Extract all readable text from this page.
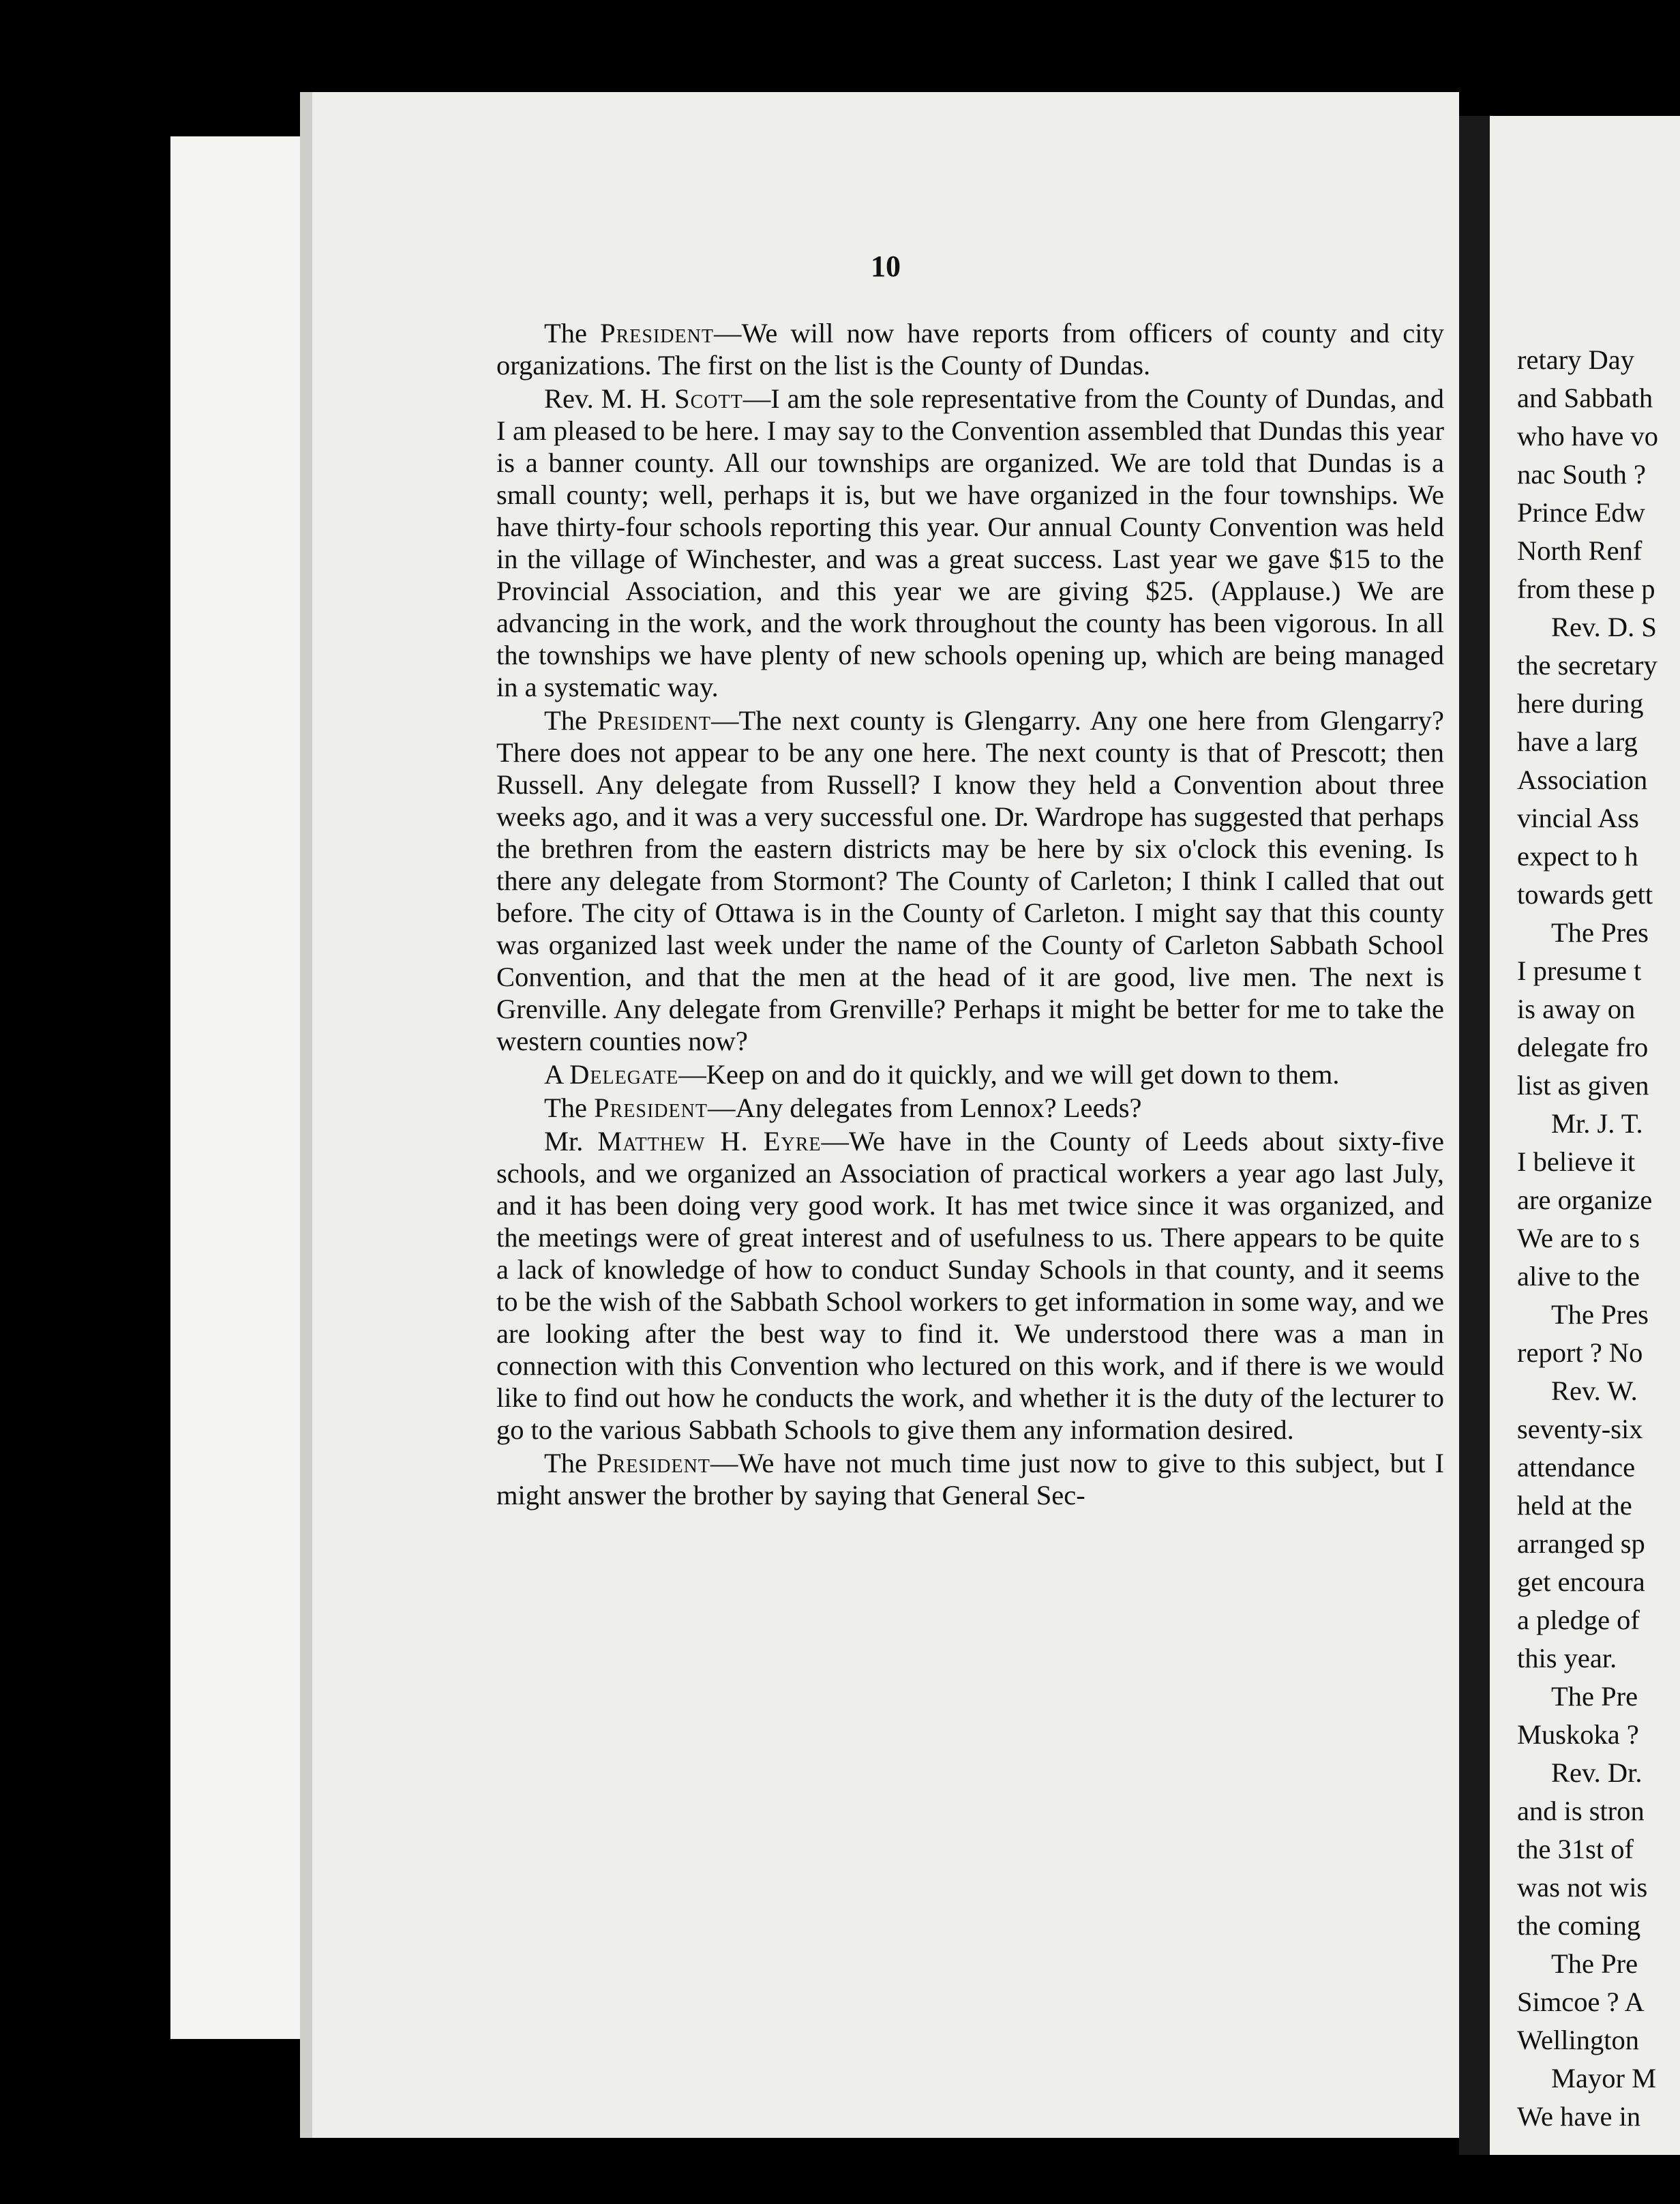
10

The President—We will now have reports from officers of county and city organizations. The first on the list is the County of Dundas.

Rev. M. H. Scott—I am the sole representative from the County of Dundas, and I am pleased to be here. I may say to the Convention assembled that Dundas this year is a banner county. All our townships are organized. We are told that Dundas is a small county; well, perhaps it is, but we have organized in the four townships. We have thirty-four schools reporting this year. Our annual County Convention was held in the village of Winchester, and was a great success. Last year we gave $15 to the Provincial Association, and this year we are giving $25. (Applause.) We are advancing in the work, and the work throughout the county has been vigorous. In all the townships we have plenty of new schools opening up, which are being managed in a systematic way.

The President—The next county is Glengarry. Any one here from Glengarry? There does not appear to be any one here. The next county is that of Prescott; then Russell. Any delegate from Russell? I know they held a Convention about three weeks ago, and it was a very successful one. Dr. Wardrope has suggested that perhaps the brethren from the eastern districts may be here by six o'clock this evening. Is there any delegate from Stormont? The County of Carleton; I think I called that out before. The city of Ottawa is in the County of Carleton. I might say that this county was organized last week under the name of the County of Carleton Sabbath School Convention, and that the men at the head of it are good, live men. The next is Grenville. Any delegate from Grenville? Perhaps it might be better for me to take the western counties now?

A Delegate—Keep on and do it quickly, and we will get down to them.

The President—Any delegates from Lennox? Leeds?

Mr. Matthew H. Eyre—We have in the County of Leeds about sixty-five schools, and we organized an Association of practical workers a year ago last July, and it has been doing very good work. It has met twice since it was organized, and the meetings were of great interest and of usefulness to us. There appears to be quite a lack of knowledge of how to conduct Sunday Schools in that county, and it seems to be the wish of the Sabbath School workers to get information in some way, and we are looking after the best way to find it. We understood there was a man in connection with this Convention who lectured on this work, and if there is we would like to find out how he conducts the work, and whether it is the duty of the lecturer to go to the various Sabbath Schools to give them any information desired.

The President—We have not much time just now to give to this subject, but I might answer the brother by saying that General Sec-

retary Day
and Sabbath
who have vo
nac South ?
Prince Edw
North Renf
from these p
Rev. D. S
the secretary
here during
have a larg
Association
vincial Ass
expect to h
towards gett
The Pres
I presume t
is away on
delegate fro
list as given
Mr. J. T.
I believe it
are organize
We are to s
alive to the
The Pres
report ? No
Rev. W.
seventy-six
attendance
held at the
arranged sp
get encoura
a pledge of
this year.
The Pre
Muskoka ?
Rev. Dr.
and is stron
the 31st of
was not wis
the coming
The Pre
Simcoe ? A
Wellington
Mayor M
We have in
